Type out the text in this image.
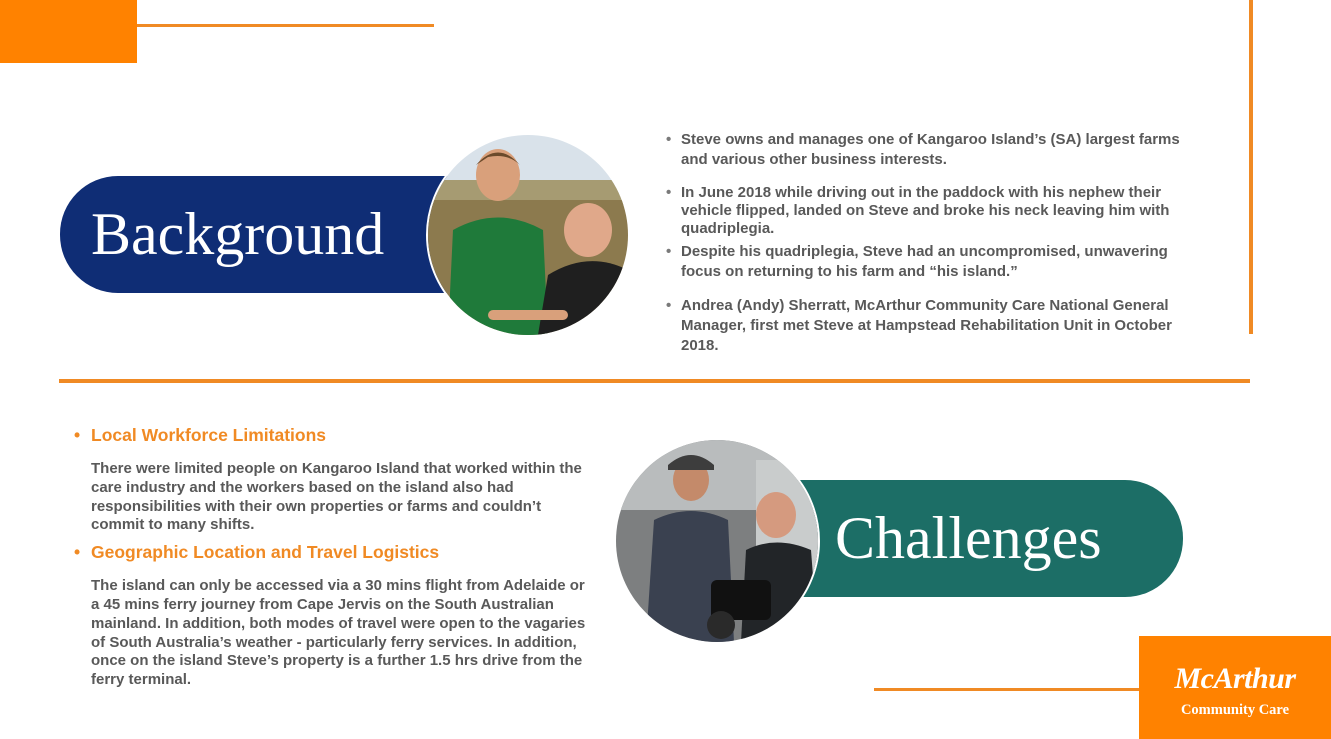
Background
• Steve owns and manages one of Kangaroo Island’s (SA) largest farms and various other business interests.
• In June 2018 while driving out in the paddock with his nephew their vehicle flipped, landed on Steve and broke his neck leaving him with quadriplegia.
• Despite his quadriplegia, Steve had an uncompromised, unwavering focus on returning to his farm and “his island.”
• Andrea (Andy) Sherratt, McArthur Community Care National General Manager, first met Steve at Hampstead Rehabilitation Unit in October 2018.
• Local Workforce Limitations
There were limited people on Kangaroo Island that worked within the care industry and the workers based on the island also had responsibilities with their own properties or farms and couldn’t commit to many shifts.
• Geographic Location and Travel Logistics
The island can only be accessed via a 30 mins flight from Adelaide or a 45 mins ferry journey from Cape Jervis on the South Australian mainland. In addition, both modes of travel were open to the vagaries of South Australia’s weather - particularly ferry services. In addition, once on the island Steve’s property is a further 1.5 hrs drive from the ferry terminal.
Challenges
McArthur
Community Care
